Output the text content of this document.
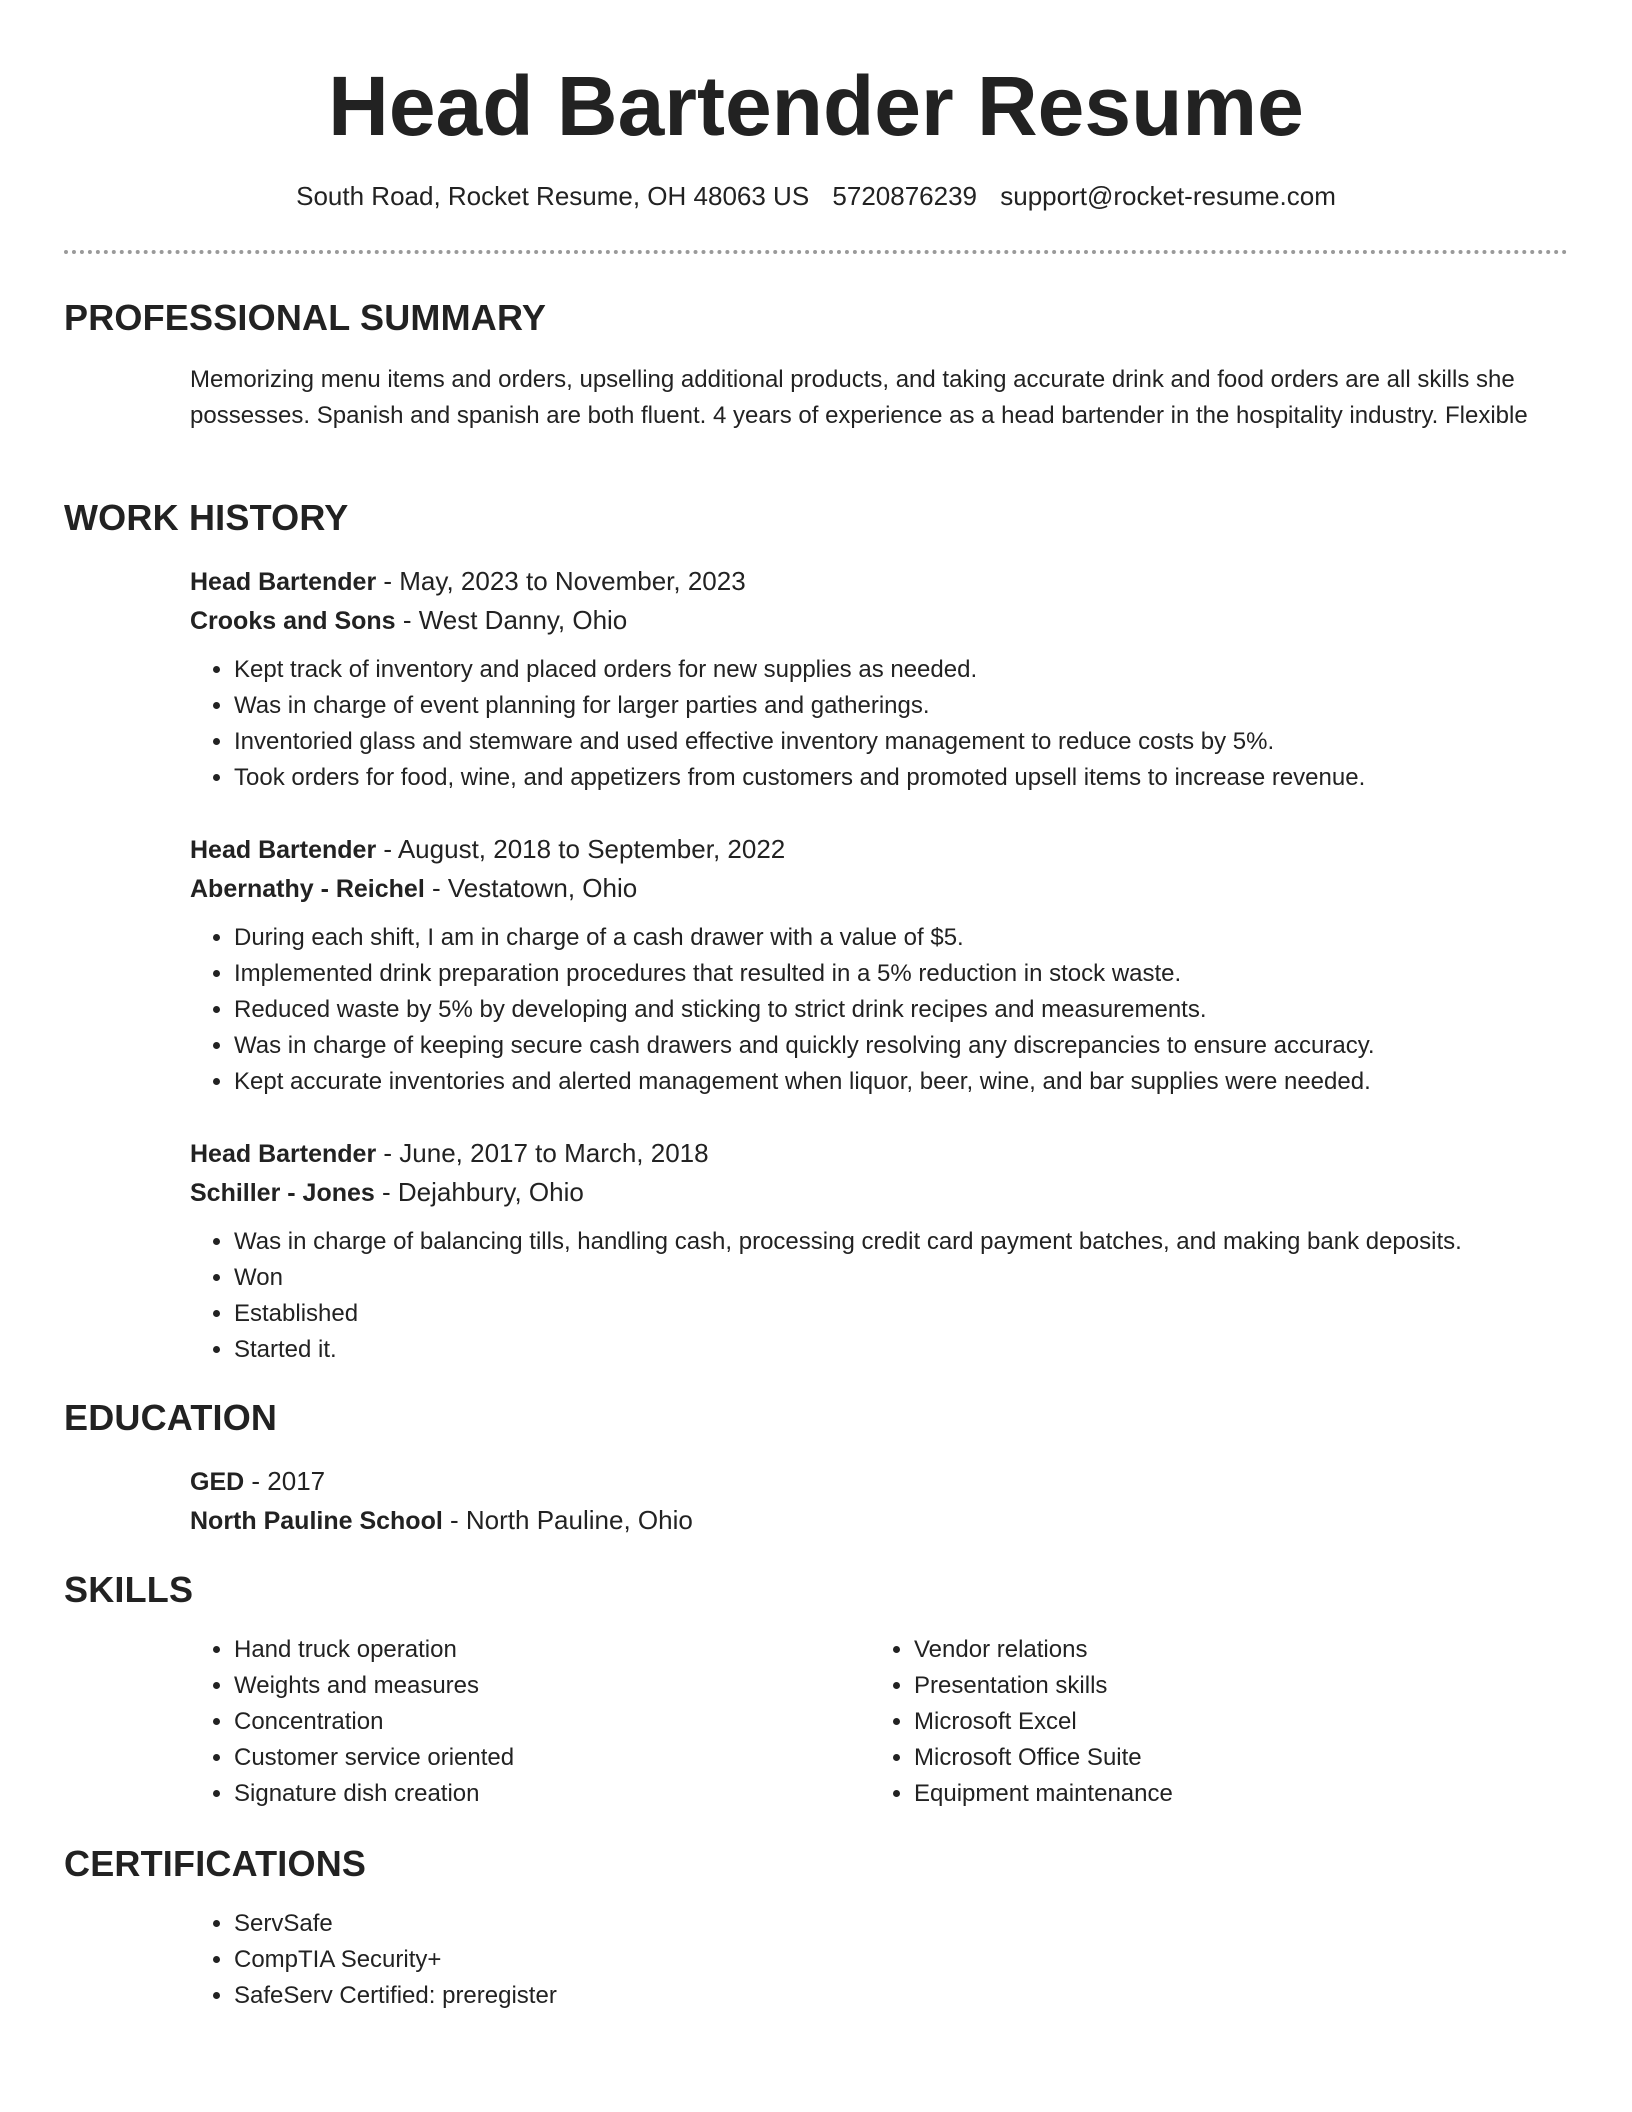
Head Bartender Resume
South Road, Rocket Resume, OH 48063 US 5720876239 support@rocket-resume.com
PROFESSIONAL SUMMARY

Memorizing menu items and orders, upselling additional products, and taking accurate drink and food orders are all skills she possesses. Spanish and spanish are both fluent. 4 years of experience as a head bartender in the hospitality industry. Flexible

WORK HISTORY

Head Bartender - May, 2023 to November, 2023

Crooks and Sons - West Danny, Ohio

• Kept track of inventory and placed orders for new supplies as needed.
• Was in charge of event planning for larger parties and gatherings.
• Inventoried glass and stemware and used effective inventory management to reduce costs by 5%.
• Took orders for food, wine, and appetizers from customers and promoted upsell items to increase revenue.

Head Bartender - August, 2018 to September, 2022

Abernathy - Reichel - Vestatown, Ohio

• During each shift, I am in charge of a cash drawer with a value of $5.
• Implemented drink preparation procedures that resulted in a 5% reduction in stock waste.
• Reduced waste by 5% by developing and sticking to strict drink recipes and measurements.
• Was in charge of keeping secure cash drawers and quickly resolving any discrepancies to ensure accuracy.
• Kept accurate inventories and alerted management when liquor, beer, wine, and bar supplies were needed.

Head Bartender - June, 2017 to March, 2018

Schiller - Jones - Dejahbury, Ohio

• Was in charge of balancing tills, handling cash, processing credit card payment batches, and making bank deposits.
• Won
• Established
• Started it.
EDUCATION

GED - 2017

North Pauline School - North Pauline, Ohio

SKILLS
• Hand truck operation
• Weights and measures
• Concentration
• Customer service oriented
• Signature dish creation
• Vendor relations
• Presentation skills
• Microsoft Excel
• Microsoft Office Suite
• Equipment maintenance
CERTIFICATIONS
• ServSafe
• CompTIA Security+
• SafeServ Certified: preregister
